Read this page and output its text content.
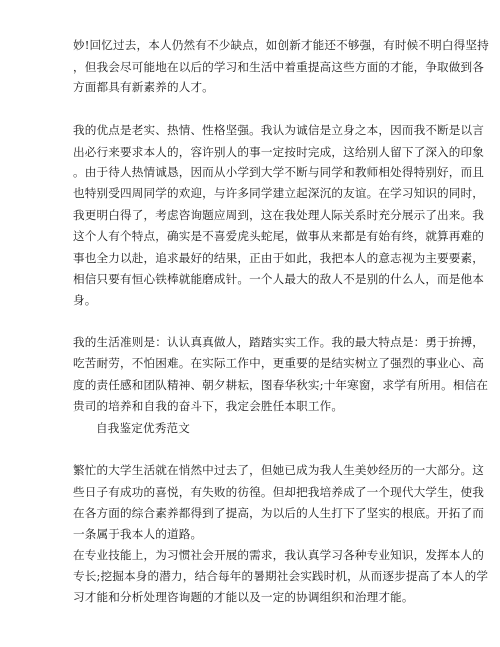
妙!回忆过去，本人仍然有不少缺点，如创新才能还不够强，有时候不明白得坚持
，但我会尽可能地在以后的学习和生活中着重提高这些方面的才能，争取做到各
方面都具有新素养的人才。
我的优点是老实、热情、性格坚强。我认为诚信是立身之本，因而我不断是以言
出必行来要求本人的，容许别人的事一定按时完成，这给别人留下了深入的印象
。由于待人热情诚恳，因而从小学到大学不断与同学和教师相处得特别好，而且
也特别受四周同学的欢迎，与许多同学建立起深沉的友谊。在学习知识的同时，
我更明白得了，考虑咨询题应周到，这在我处理人际关系时充分展示了出来。我
这个人有个特点，确实是不喜爱虎头蛇尾，做事从来都是有始有终，就算再难的
事也全力以赴，追求最好的结果，正由于如此，我把本人的意志视为主要要素，
相信只要有恒心铁棒就能磨成针。一个人最大的敌人不是别的什么人，而是他本
身。
我的生活准则是：认认真真做人，踏踏实实工作。我的最大特点是：勇于拚搏，
吃苦耐劳，不怕困难。在实际工作中，更重要的是结实树立了强烈的事业心、高
度的责任感和团队精神、朝夕耕耘，图春华秋实;十年寒窗，求学有所用。相信在
贵司的培养和自我的奋斗下，我定会胜任本职工作。
自我鉴定优秀范文
繁忙的大学生活就在悄然中过去了，但她已成为我人生美妙经历的一大部分。这
些日子有成功的喜悦，有失败的彷徨。但却把我培养成了一个现代大学生，使我
在各方面的综合素养都得到了提高，为以后的人生打下了坚实的根底。开拓了而
一条属于我本人的道路。
在专业技能上，为习惯社会开展的需求，我认真学习各种专业知识，发挥本人的
专长;挖掘本身的潜力，结合每年的暑期社会实践时机，从而逐步提高了本人的学
习才能和分析处理咨询题的才能以及一定的协调组织和治理才能。
